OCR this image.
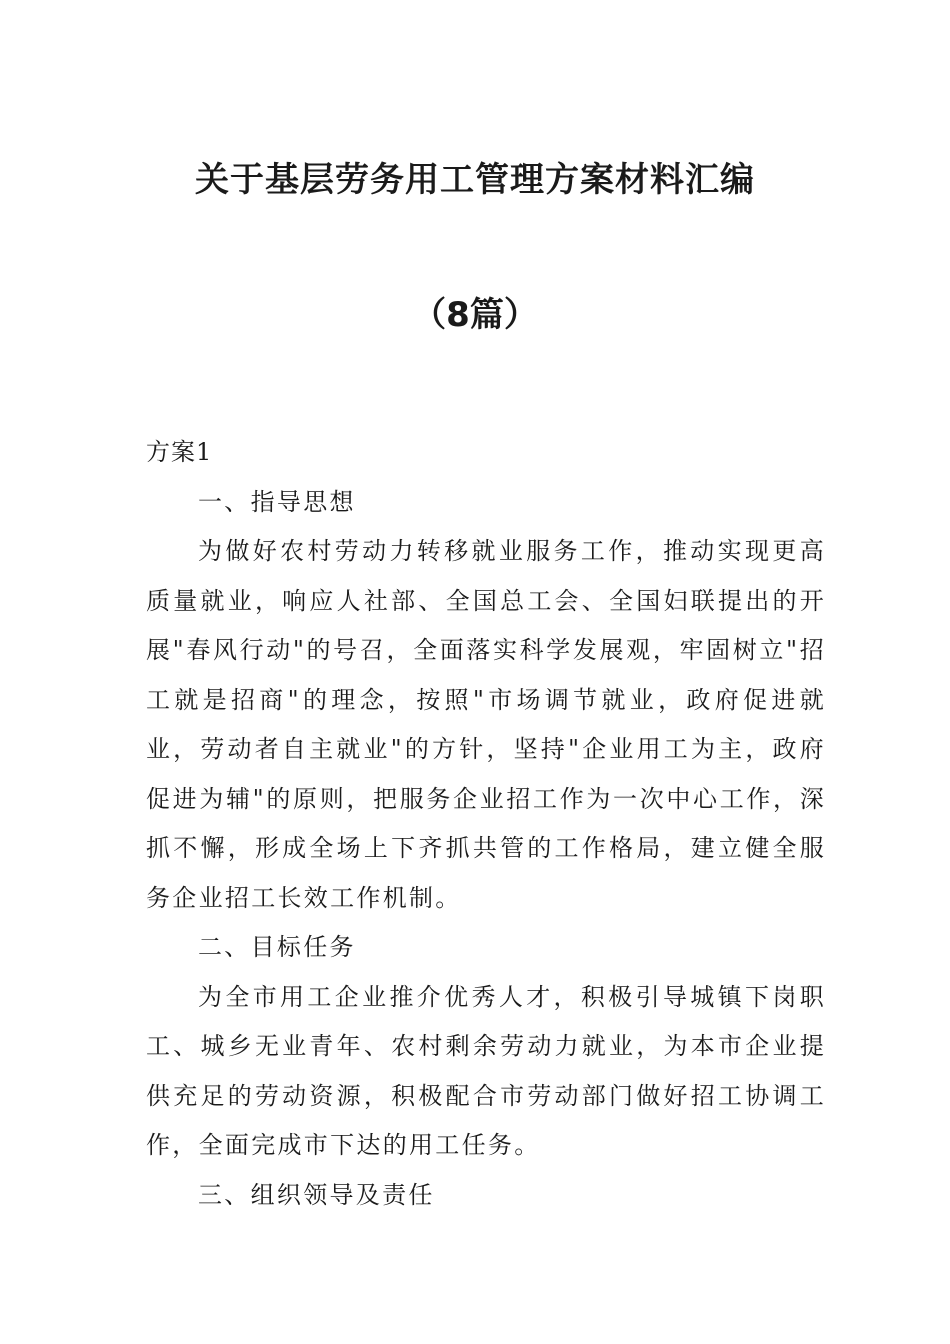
关于基层劳务用工管理方案材料汇编
（8篇）

方案1

一、指导思想

为做好农村劳动力转移就业服务工作，推动实现更高质量就业，响应人社部、全国总工会、全国妇联提出的开展"春风行动"的号召，全面落实科学发展观，牢固树立"招工就是招商"的理念，按照"市场调节就业，政府促进就业，劳动者自主就业"的方针，坚持"企业用工为主，政府促进为辅"的原则，把服务企业招工作为一次中心工作，深抓不懈，形成全场上下齐抓共管的工作格局，建立健全服务企业招工长效工作机制。

二、目标任务

为全市用工企业推介优秀人才，积极引导城镇下岗职工、城乡无业青年、农村剩余劳动力就业，为本市企业提供充足的劳动资源，积极配合市劳动部门做好招工协调工作，全面完成市下达的用工任务。

三、组织领导及责任
